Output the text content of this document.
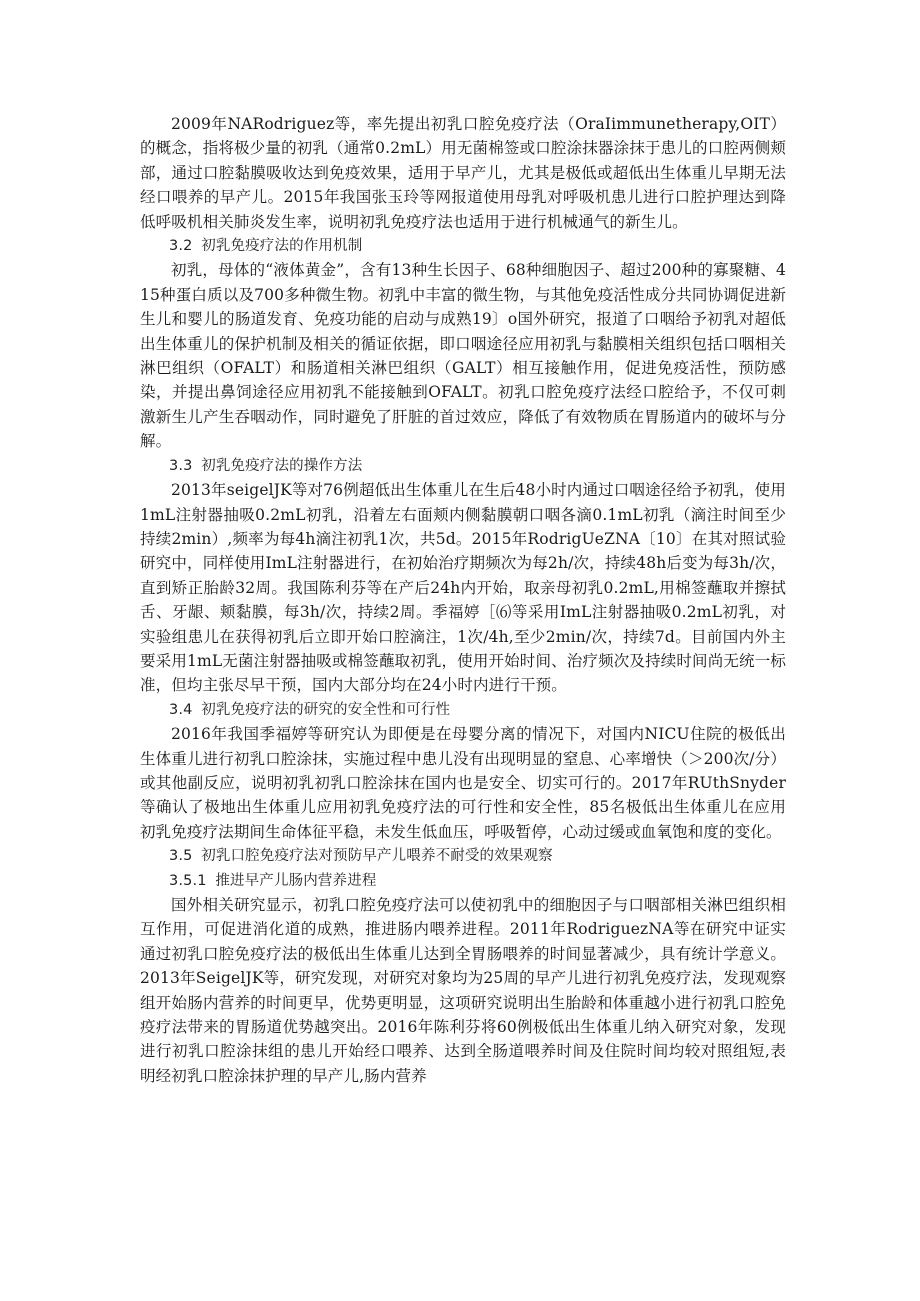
2009年NARodriguez等，率先提出初乳口腔免疫疗法（OraIimmunetherapy,OIT）的概念，指将极少量的初乳（通常0.2mL）用无菌棉签或口腔涂抹器涂抹于患儿的口腔两侧颊部，通过口腔黏膜吸收达到免疫效果，适用于早产儿，尤其是极低或超低出生体重儿早期无法经口喂养的早产儿。2015年我国张玉玲等网报道使用母乳对呼吸机患儿进行口腔护理达到降低呼吸机相关肺炎发生率，说明初乳免疫疗法也适用于进行机械通气的新生儿。

3.2 初乳免疫疗法的作用机制

初乳，母体的“液体黄金”，含有13种生长因子、68种细胞因子、超过200种的寡聚糖、415种蛋白质以及700多种微生物。初乳中丰富的微生物，与其他免疫活性成分共同协调促进新生儿和婴儿的肠道发育、免疫功能的启动与成熟19〕o国外研究，报道了口咽给予初乳对超低出生体重儿的保护机制及相关的循证依据，即口咽途径应用初乳与黏膜相关组织包括口咽相关淋巴组织（OFALT）和肠道相关淋巴组织（GALT）相互接触作用，促进免疫活性，预防感染，并提出鼻饲途径应用初乳不能接触到OFALT。初乳口腔免疫疗法经口腔给予，不仅可刺激新生儿产生吞咽动作，同时避免了肝脏的首过效应，降低了有效物质在胃肠道内的破坏与分解。

3.3 初乳免疫疗法的操作方法

2013年seigelJK等对76例超低出生体重儿在生后48小时内通过口咽途径给予初乳，使用1mL注射器抽吸0.2mL初乳，沿着左右面颊内侧黏膜朝口咽各滴0.1mL初乳（滴注时间至少持续2min）,频率为每4h滴注初乳1次，共5d。2015年RodrigUeZNA〔10〕在其对照试验研究中，同样使用ImL注射器进行，在初始治疗期频次为每2h/次，持续48h后变为每3h/次，直到矫正胎龄32周。我国陈利芬等在产后24h内开始，取亲母初乳0.2mL,用棉签蘸取并擦拭舌、牙龈、颊黏膜，每3h/次，持续2周。季福婷［⑹等采用ImL注射器抽吸0.2mL初乳，对实验组患儿在获得初乳后立即开始口腔滴注，1次/4h,至少2min/次，持续7d。目前国内外主要采用1mL无菌注射器抽吸或棉签蘸取初乳，使用开始时间、治疗频次及持续时间尚无统一标准，但均主张尽早干预，国内大部分均在24小时内进行干预。

3.4 初乳免疫疗法的研究的安全性和可行性

2016年我国季福婷等研究认为即便是在母婴分离的情况下，对国内NICU住院的极低出生体重儿进行初乳口腔涂抹，实施过程中患儿没有出现明显的窒息、心率增快（＞200次/分）或其他副反应，说明初乳初乳口腔涂抹在国内也是安全、切实可行的。2017年RUthSnyder等确认了极地出生体重儿应用初乳免疫疗法的可行性和安全性，85名极低出生体重儿在应用初乳免疫疗法期间生命体征平稳，未发生低血压，呼吸暂停，心动过缓或血氧饱和度的变化。

3.5 初乳口腔免疫疗法对预防早产儿喂养不耐受的效果观察

3.5.1 推进早产儿肠内营养进程

国外相关研究显示，初乳口腔免疫疗法可以使初乳中的细胞因子与口咽部相关淋巴组织相互作用，可促进消化道的成熟，推进肠内喂养进程。2011年RodriguezNA等在研究中证实通过初乳口腔免疫疗法的极低出生体重儿达到全胃肠喂养的时间显著减少，具有统计学意义。2013年SeigelJK等，研究发现，对研究对象均为25周的早产儿进行初乳免疫疗法，发现观察组开始肠内营养的时间更早，优势更明显，这项研究说明出生胎龄和体重越小进行初乳口腔免疫疗法带来的胃肠道优势越突出。2016年陈利芬将60例极低出生体重儿纳入研究对象，发现进行初乳口腔涂抹组的患儿开始经口喂养、达到全肠道喂养时间及住院时间均较对照组短,表明经初乳口腔涂抹护理的早产儿,肠内营养
